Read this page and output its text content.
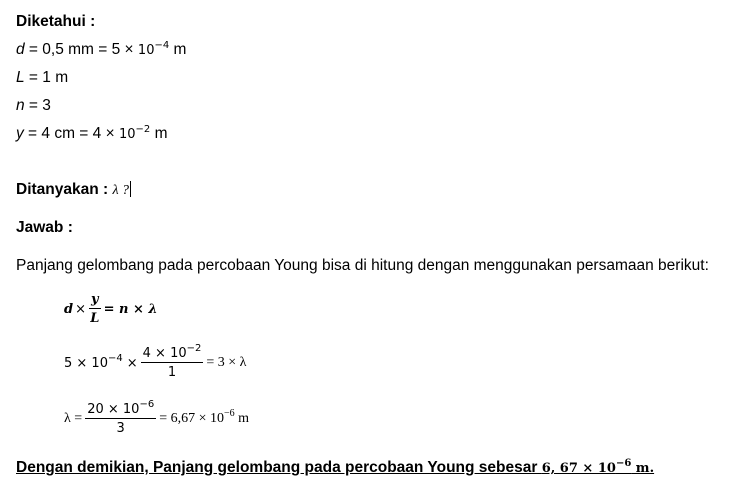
Diketahui :
d = 0,5 mm = $5 \times 10^{-4}$ m
L = 1 m
n = 3
y = 4 cm = $4 \times 10^{-2}$ m
Ditanyakan : λ ?
Jawab :
Panjang gelombang pada percobaan Young bisa di hitung dengan menggunakan persamaan berikut:
$d \times \frac{y}{L} = n \times \lambda$
$5 \times 10^{-4} \times \frac{4 \times 10^{-2}}{1} = 3 \times \lambda$
$\lambda = \frac{20 \times 10^{-6}}{3} = 6,67 \times 10^{-6}$ m
Dengan demikian, Panjang gelombang pada percobaan Young sebesar 6, $67 \times 10^{-6}$ m.
